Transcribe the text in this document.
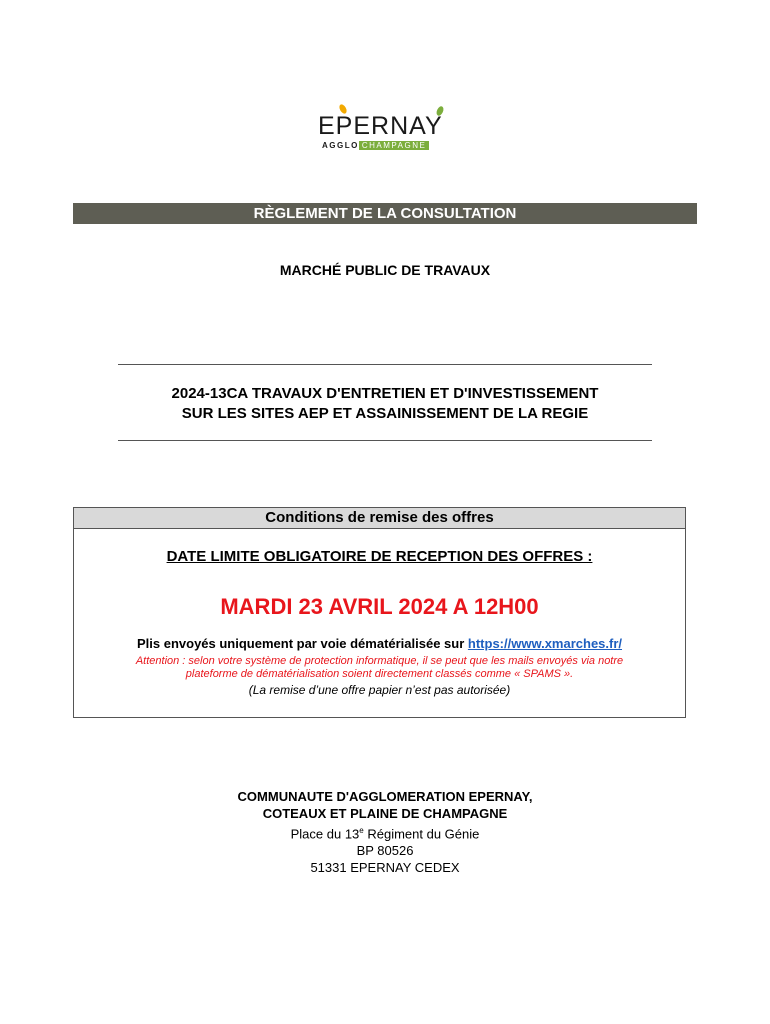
EPERNAY
AGGLO CHAMPAGNE
RÈGLEMENT DE LA CONSULTATION
MARCHÉ PUBLIC DE TRAVAUX
2024-13CA TRAVAUX D'ENTRETIEN ET D'INVESTISSEMENT
SUR LES SITES AEP ET ASSAINISSEMENT DE LA REGIE
Conditions de remise des offres
DATE LIMITE OBLIGATOIRE DE RECEPTION DES OFFRES :
MARDI 23 AVRIL 2024 A 12H00
Plis envoyés uniquement par voie dématérialisée sur https://www.xmarches.fr/
Attention : selon votre système de protection informatique, il se peut que les mails envoyés via notre
plateforme de dématérialisation soient directement classés comme « SPAMS ».
(La remise d’une offre papier n’est pas autorisée)
COMMUNAUTE D'AGGLOMERATION EPERNAY,
COTEAUX ET PLAINE DE CHAMPAGNE
Place du 13e Régiment du Génie
BP 80526
51331 EPERNAY CEDEX
